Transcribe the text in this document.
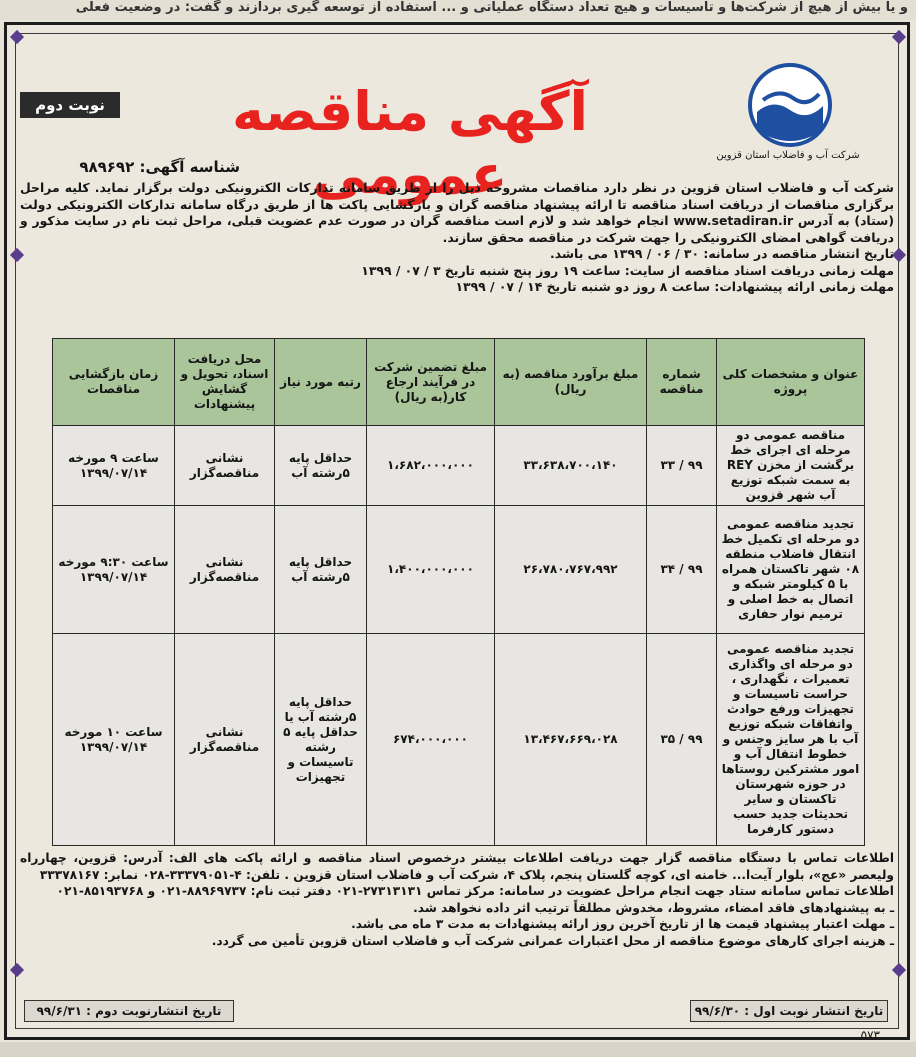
و یا بیش از هیچ از شرکت‌ها و تاسیسات و هیچ تعداد دستگاه عملیاتی و ... استفاده از توسعه گیری بردازند و گفت: در وضعیت فعلی
شرکت آب و فاضلاب استان قزوین
آگهی مناقصه عمومی
نوبت دوم
شناسه آگهی: ۹۸۹۶۹۲

شرکت آب و فاضلاب استان قزوین در نظر دارد مناقصات مشروحه ذیل را از طریق سامانه تدارکات الکترونیکی دولت برگزار نماید. کلیه مراحل برگزاری مناقصات از دریافت اسناد مناقصه تا ارائه پیشنهاد مناقصه گران و بازگشایی پاکت ها از طریق درگاه سامانه تدارکات الکترونیکی دولت (ستاد) به آدرس www.setadiran.ir انجام خواهد شد و لازم است مناقصه گران در صورت عدم عضویت قبلی، مراحل ثبت نام در سایت مذکور و دریافت گواهی امضای الکترونیکی را جهت شرکت در مناقصه محقق سازند.

تاریخ انتشار مناقصه در سامانه: ۳۰ / ۰۶ / ۱۳۹۹ می باشد.

مهلت زمانی دریافت اسناد مناقصه از سایت: ساعت ۱۹ روز پنج شنبه تاریخ ۳ / ۰۷ / ۱۳۹۹

مهلت زمانی ارائه پیشنهادات: ساعت ۸ روز دو شنبه تاریخ ۱۴ / ۰۷ / ۱۳۹۹

عنوان و مشخصات کلی پروژه	شماره مناقصه	مبلغ برآورد مناقصه (به ریال)	مبلغ تضمین شرکت در فرآیند ارجاع کار(به ریال)	رتبه مورد نیاز	محل دریافت اسناد، تحویل و گشایش پیشنهادات	زمان بازگشایی مناقصات
مناقصه عمومی دو مرحله ای اجرای خط برگشت از مخزن REY به سمت شبکه توزیع آب شهر قزوین	۹۹ / ۳۳	۳۳،۶۳۸،۷۰۰،۱۴۰	۱،۶۸۲،۰۰۰،۰۰۰	حداقل پایه ۵رشته آب	نشانی مناقصه‌گزار	ساعت ۹ مورخه ۱۳۹۹/۰۷/۱۴
تجدید مناقصه عمومی دو مرحله ای تکمیل خط انتقال فاضلاب منطقه ۰۸ شهر تاکستان همراه با ۵ کیلومتر شبکه و اتصال به خط اصلی و ترمیم نوار حفاری	۹۹ / ۳۴	۲۶،۷۸۰،۷۶۷،۹۹۲	۱،۴۰۰،۰۰۰،۰۰۰	حداقل پایه ۵رشته آب	نشانی مناقصه‌گزار	ساعت ۹:۳۰ مورخه ۱۳۹۹/۰۷/۱۴
تجدید مناقصه عمومی دو مرحله ای واگذاری تعمیرات ، نگهداری ، حراست تاسیسات و تجهیزات ورفع حوادث واتفاقات شبکه توزیع آب با هر سایز وجنس و خطوط انتقال آب و امور مشترکین روستاها در حوزه شهرستان تاکستان و سایر تحدیثات جدید حسب دستور کارفرما	۹۹ / ۳۵	۱۳،۴۶۷،۶۶۹،۰۲۸	۶۷۴،۰۰۰،۰۰۰	حداقل پایه ۵رشته آب یا حداقل پایه ۵ رشته تاسیسات و تجهیزات	نشانی مناقصه‌گزار	ساعت ۱۰ مورخه ۱۳۹۹/۰۷/۱۴

اطلاعات تماس با دستگاه مناقصه گزار جهت دریافت اطلاعات بیشتر درخصوص اسناد مناقصه و ارائه پاکت های الف: آدرس: قزوین، چهارراه ولیعصر «عج»، بلوار آیت‌ا... خامنه ای، کوچه گلستان پنجم، پلاک ۴، شرکت آب و فاضلاب استان قزوین . تلفن: ۴-۳۳۳۷۹۰۵۱-۰۲۸ نمابر: ۳۳۳۷۸۱۶۷

اطلاعات تماس سامانه ستاد جهت انجام مراحل عضویت در سامانه: مرکز تماس ۲۷۳۱۳۱۳۱-۰۲۱ دفتر ثبت نام: ۸۸۹۶۹۷۳۷-۰۲۱ و ۸۵۱۹۳۷۶۸-۰۲۱

ـ به پیشنهادهای فاقد امضاء، مشروط، مخدوش مطلقاً ترتیب اثر داده نخواهد شد.

ـ مهلت اعتبار پیشنهاد قیمت ها از تاریخ آخرین روز ارائه پیشنهادات به مدت ۳ ماه می باشد.

ـ هزینه اجرای کارهای موضوع مناقصه از محل اعتبارات عمرانی شرکت آب و فاضلاب استان قزوین تأمین می گردد.

تاریخ انتشار نوبت اول : ۹۹/۶/۳۰
تاریخ انتشارنوبت دوم : ۹۹/۶/۳۱
۵۷۳
